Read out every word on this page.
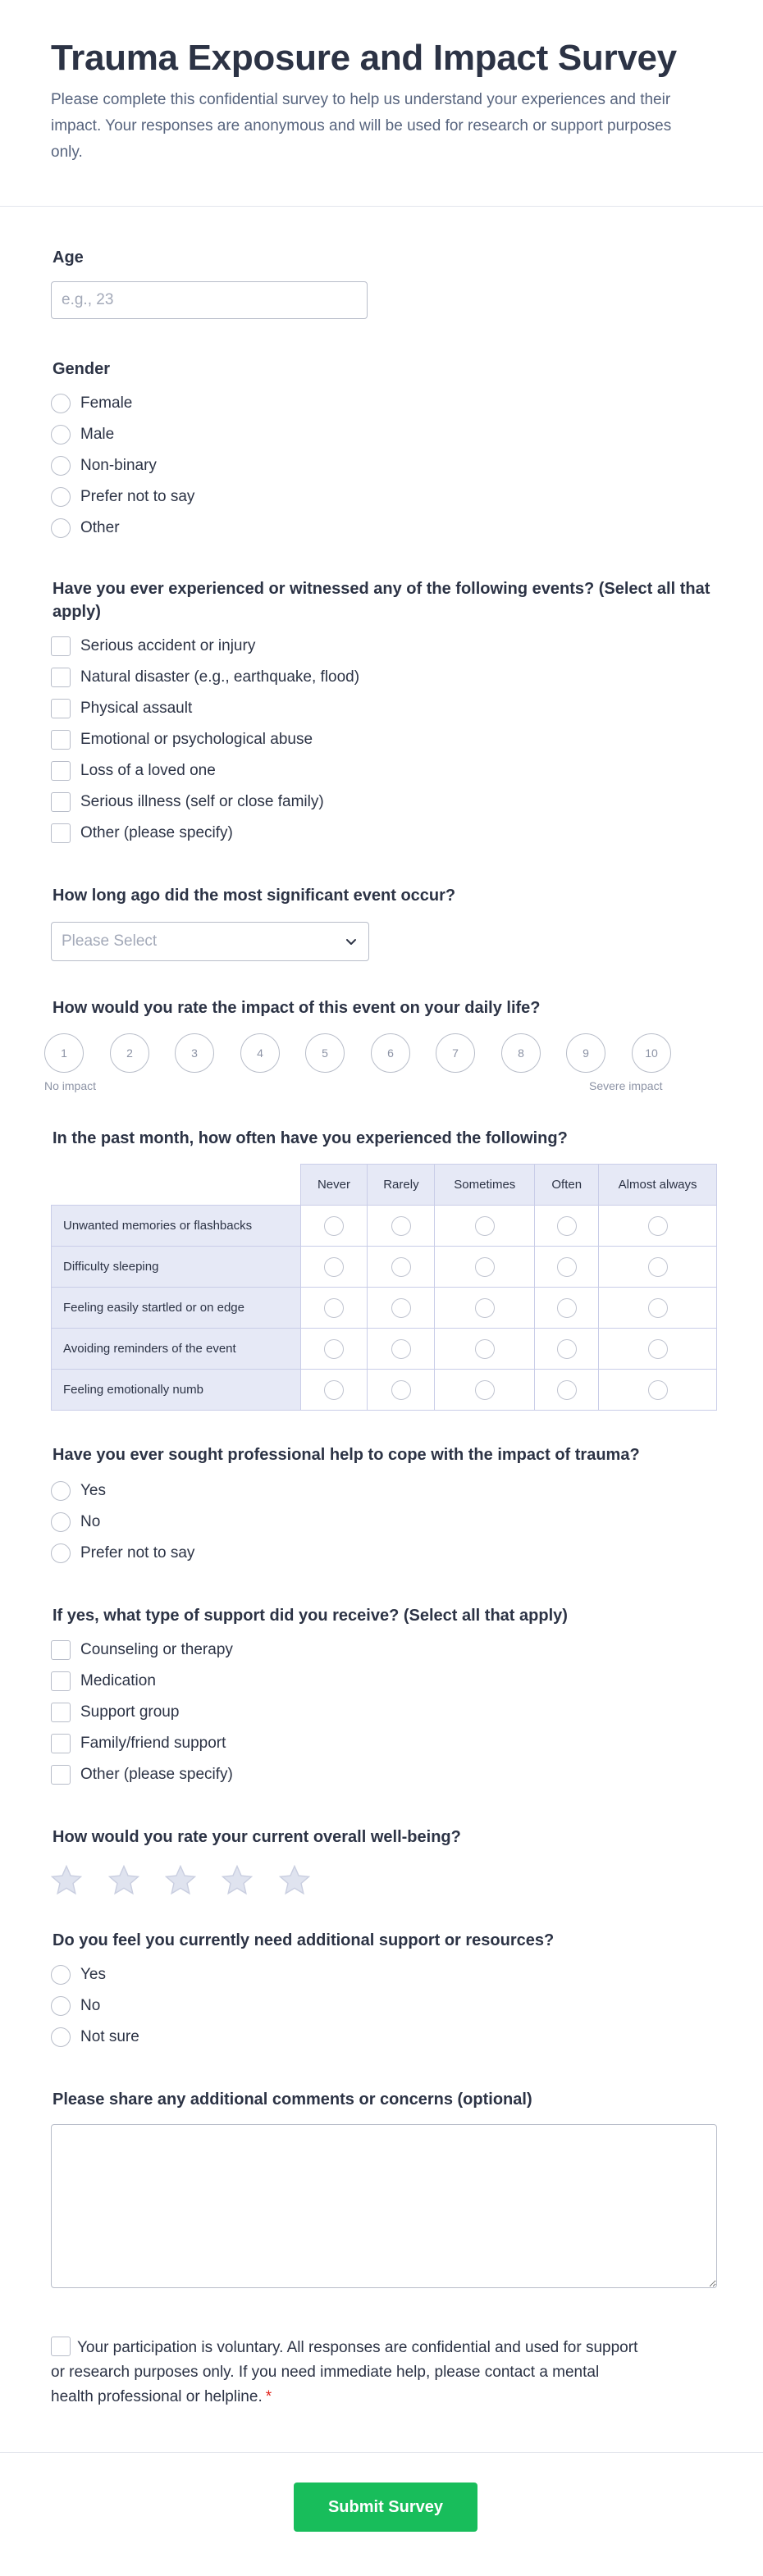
Trauma Exposure and Impact Survey

Please complete this confidential survey to help us understand your experiences and their impact. Your responses are anonymous and will be used for research or support purposes only.

Age
e.g., 23
Gender
Female
Male
Non-binary
Prefer not to say
Other
Have you ever experienced or witnessed any of the following events? (Select all that apply)
Serious accident or injury
Natural disaster (e.g., earthquake, flood)
Physical assault
Emotional or psychological abuse
Loss of a loved one
Serious illness (self or close family)
Other (please specify)
How long ago did the most significant event occur?
Please Select
How would you rate the impact of this event on your daily life?
1	2	3	4	5	6	7	8	9	10
No impact	Severe impact
In the past month, how often have you experienced the following?
	Never	Rarely	Sometimes	Often	Almost always
Unwanted memories or flashbacks					
Difficulty sleeping					
Feeling easily startled or on edge					
Avoiding reminders of the event					
Feeling emotionally numb					
Have you ever sought professional help to cope with the impact of trauma?
Yes
No
Prefer not to say
If yes, what type of support did you receive? (Select all that apply)
Counseling or therapy
Medication
Support group
Family/friend support
Other (please specify)
How would you rate your current overall well-being?
Do you feel you currently need additional support or resources?
Yes
No
Not sure
Please share any additional comments or concerns (optional)
Your participation is voluntary. All responses are confidential and used for support or research purposes only. If you need immediate help, please contact a mental health professional or helpline. *
Submit Survey
